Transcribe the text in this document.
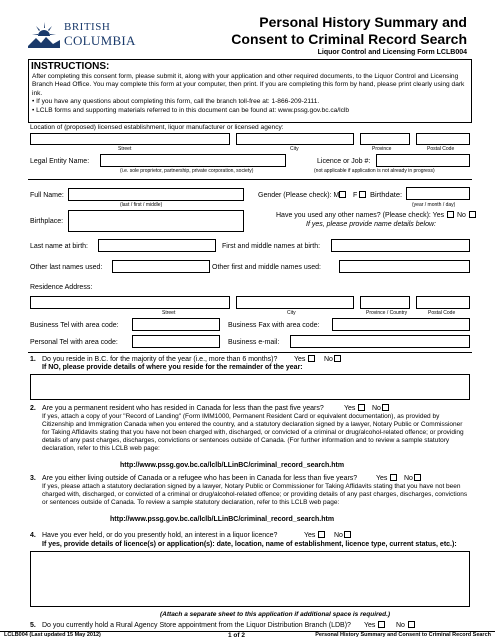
BRITISH
COLUMBIA
Personal History Summary and
Consent to Criminal Record Search
Liquor Control and Licensing Form LCLB004
INSTRUCTIONS:
After completing this consent form, please submit it, along with your application and other required documents, to the Liquor Control and Licensing Branch Head Office. You may complete this form at your computer, then print. If you are completing this form by hand, please print clearly using dark ink.
• If you have any questions about completing this form, call the branch toll-free at: 1-866-209-2111.
• LCLB forms and supporting materials referred to in this document can be found at: www.pssg.gov.bc.ca/lclb
Location of (proposed) licensed establishment, liquor manufacturer or licensed agency:
Street	City	Province	Postal Code
Legal Entity Name:
(i.e. sole proprietor, partnership, private corporation, society)
Licence or Job #:
(not applicable if application is not already in progress)
Full Name:
(last / first / middle)
Gender (Please check): M F Birthdate:
(year / month / day)
Birthplace:
Have you used any other names? (Please check): Yes No
If yes, please provide name details below:
Last name at birth:	First and middle names at birth:
Other last names used:	Other first and middle names used:
Residence Address:
Street	City	Province / Country	Postal Code
Business Tel with area code:	Business Fax with area code:
Personal Tel with area code:	Business e-mail:
1. Do you reside in B.C. for the majority of the year (i.e., more than 6 months)? Yes	No
If NO, please provide details of where you reside for the remainder of the year:
2. Are you a permanent resident who has resided in Canada for less than the past five years?	Yes No
If yes, attach a copy of your "Record of Landing" (Form IMM1000, Permanent Resident Card or equivalent documentation), as provided by Citizenship and Immigration Canada when you entered the country, and a statutory declaration signed by a lawyer, Notary Public or Commissioner for Taking Affidavits stating that you have not been charged with, discharged, or convicted of a criminal or drug/alcohol-related offence; or providing details of any past charges, discharges, convictions or sentences outside of Canada. (For further information and to review a sample statutory declaration, refer to this LCLB web page:
http://www.pssg.gov.bc.ca/lclb/LLinBC/criminal_record_search.htm
3. Are you either living outside of Canada or a refugee who has been in Canada for less than five years?	Yes No
If yes, please attach a statutory declaration signed by a lawyer, Notary Public or Commissioner for Taking Affidavits stating that you have not been charged with, discharged, or convicted of a criminal or drug/alcohol-related offence; or providing details of any past charges, discharges, convictions or sentences outside of Canada. To review a sample statutory declaration, refer to this LCLB web page:
http://www.pssg.gov.bc.ca/lclb/LLinBC/criminal_record_search.htm
4. Have you ever held, or do you presently hold, an interest in a liquor licence?	Yes	No
If yes, provide details of licence(s) or application(s): date, location, name of establishment, licence type, current status, etc.):
(Attach a separate sheet to this application if additional space is required.)
5. Do you currently hold a Rural Agency Store appointment from the Liquor Distribution Branch (LDB)? Yes	No
LCLB004 (Last updated 15 May 2012)	1 of 2	Personal History Summary and Consent to Criminal Record Search
